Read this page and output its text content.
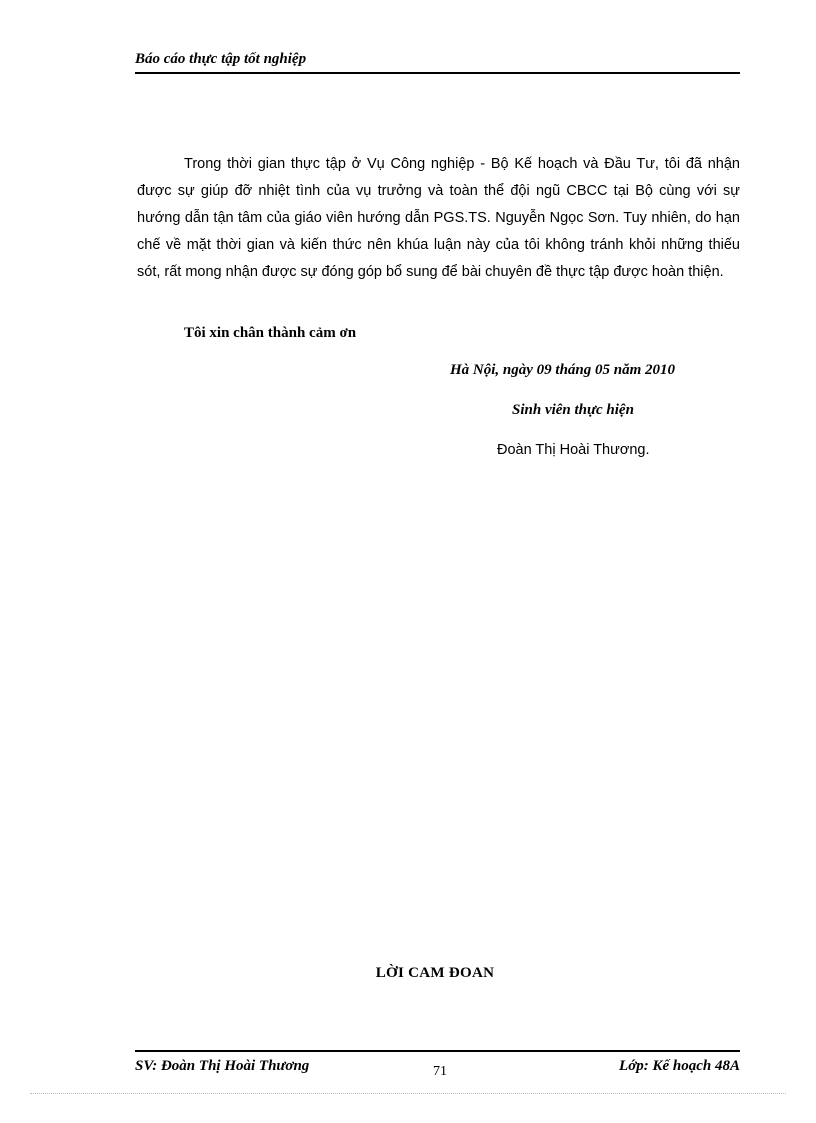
Báo cáo thực tập tốt nghiệp

Trong thời gian thực tập ở Vụ Công nghiệp - Bộ Kế hoạch và Đầu Tư, tôi đã nhận được sự giúp đỡ nhiệt tình của vụ trưởng và toàn thể đội ngũ CBCC tại Bộ cùng với sự hướng dẫn tận tâm của giáo viên hướng dẫn PGS.TS. Nguyễn Ngọc Sơn. Tuy nhiên, do hạn chế về mặt thời gian và kiến thức nên khúa luận này của tôi không tránh khỏi những thiếu sót, rất mong nhận được sự đóng góp bổ sung để bài chuyên đề thực tập được hoàn thiện.

Tôi xin chân thành cảm ơn
Hà Nội, ngày 09 tháng 05 năm 2010
Sinh viên thực hiện
Đoàn Thị Hoài Thương.
LỜI CAM ĐOAN
SV: Đoàn Thị Hoài Thương	71	Lớp: Kế hoạch 48A
